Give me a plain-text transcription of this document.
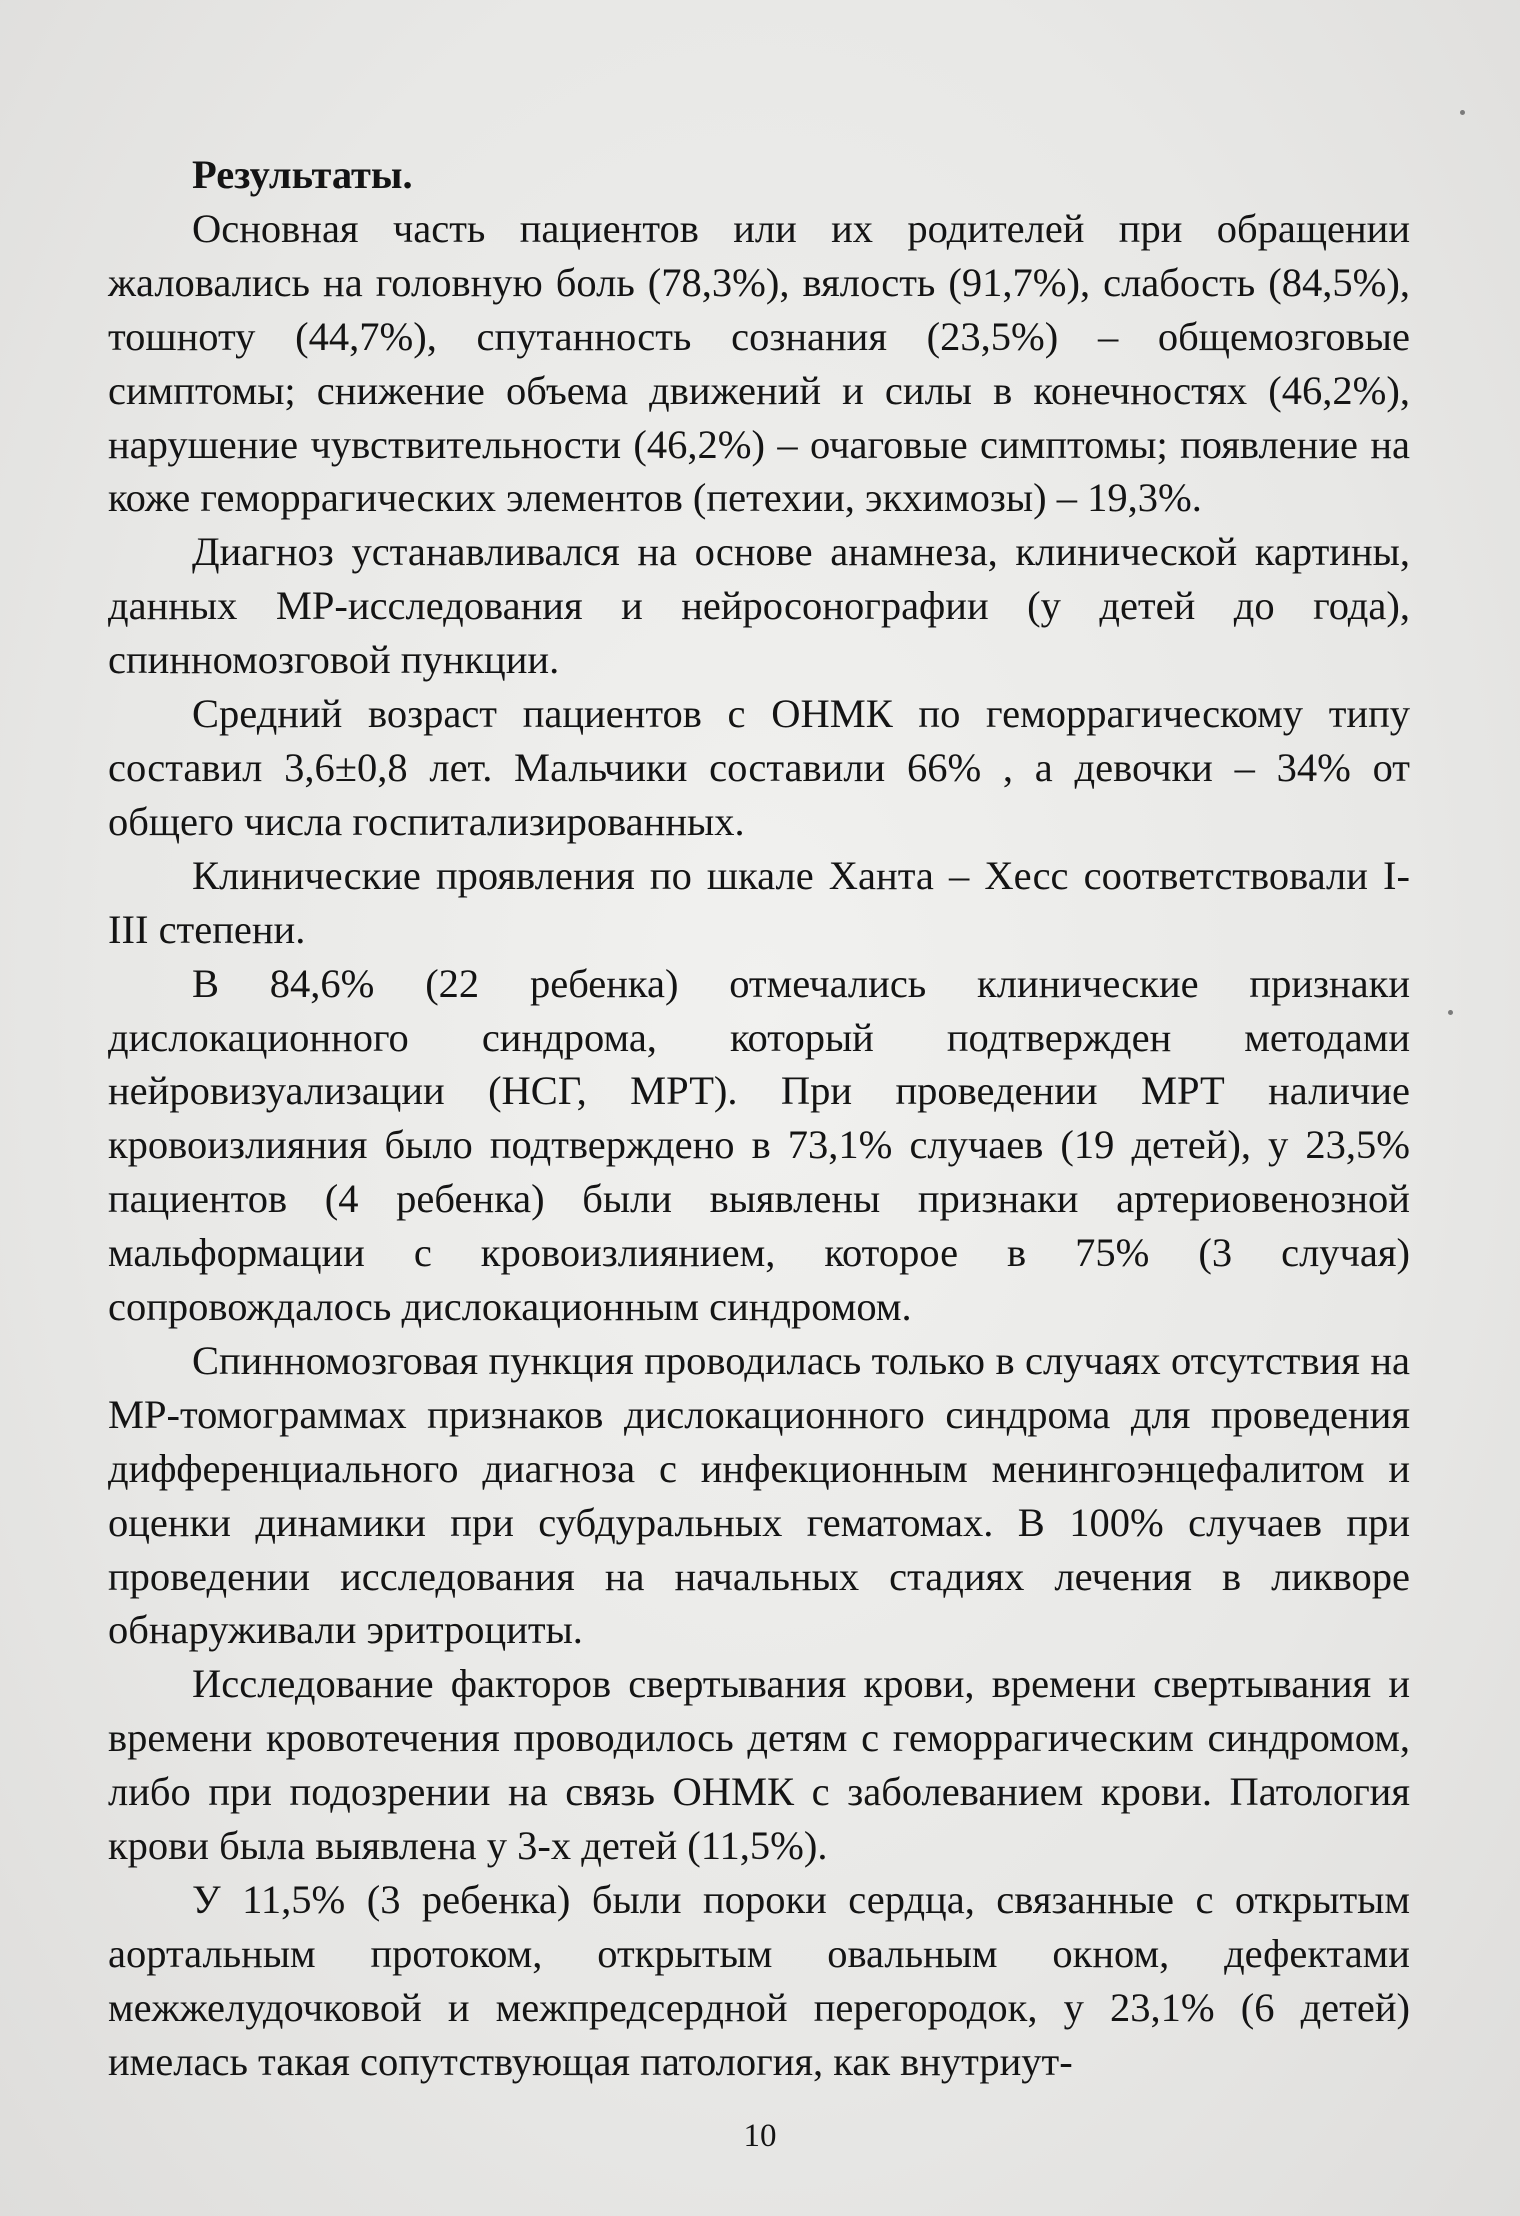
Результаты.

Основная часть пациентов или их родителей при обращении жаловались на головную боль (78,3%), вялость (91,7%), слабость (84,5%), тошноту (44,7%), спутанность сознания (23,5%) – общемозговые симптомы; снижение объема движений и силы в конечностях (46,2%), нарушение чувствительности (46,2%) – очаговые симптомы; появление на коже геморрагических элементов (петехии, экхимозы) – 19,3%.

Диагноз устанавливался на основе анамнеза, клинической картины, данных МР-исследования и нейросонографии (у детей до года), спинномозговой пункции.

Средний возраст пациентов с ОНМК по геморрагическому типу составил 3,6±0,8 лет. Мальчики составили 66% , а девочки – 34% от общего числа госпитализированных.

Клинические проявления по шкале Ханта – Хесс соответствовали I-III степени.

В 84,6% (22 ребенка) отмечались клинические признаки дислокационного синдрома, который подтвержден методами нейровизуализации (НСГ, МРТ). При проведении МРТ наличие кровоизлияния было подтверждено в 73,1% случаев (19 детей), у 23,5% пациентов (4 ребенка) были выявлены признаки артериовенозной мальформации с кровоизлиянием, которое в 75% (3 случая) сопровождалось дислокационным синдромом.

Спинномозговая пункция проводилась только в случаях отсутствия на МР-томограммах признаков дислокационного синдрома для проведения дифференциального диагноза с инфекционным менингоэнцефалитом и оценки динамики при субдуральных гематомах. В 100% случаев при проведении исследования на начальных стадиях лечения в ликворе обнаруживали эритроциты.

Исследование факторов свертывания крови, времени свертывания и времени кровотечения проводилось детям с геморрагическим синдромом, либо при подозрении на связь ОНМК с заболеванием крови. Патология крови была выявлена у 3-х детей (11,5%).

У 11,5% (3 ребенка) были пороки сердца, связанные с открытым аортальным протоком, открытым овальным окном, дефектами межжелудочковой и межпредсердной перегородок, у 23,1% (6 детей) имелась такая сопутствующая патология, как внутриут-

10
